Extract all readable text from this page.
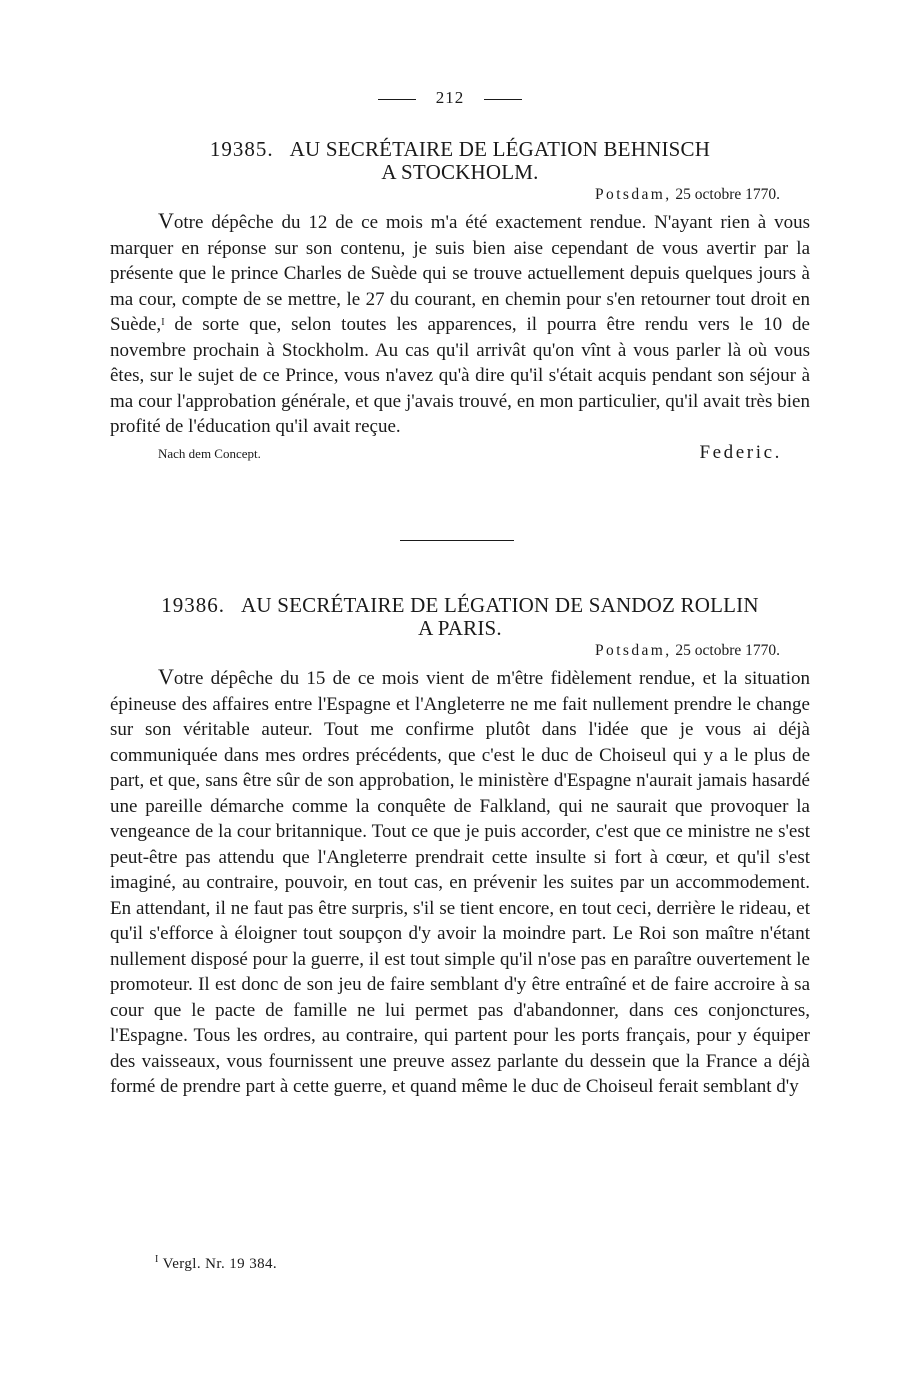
212
19385. AU SECRÉTAIRE DE LÉGATION BEHNISCH
A STOCKHOLM.
Potsdam, 25 octobre 1770.

Votre dépêche du 12 de ce mois m'a été exactement rendue. N'ayant rien à vous marquer en réponse sur son contenu, je suis bien aise cependant de vous avertir par la présente que le prince Charles de Suède qui se trouve actuellement depuis quelques jours à ma cour, compte de se mettre, le 27 du courant, en chemin pour s'en retourner tout droit en Suède,$^I$ de sorte que, selon toutes les apparences, il pourra être rendu vers le 10 de novembre prochain à Stockholm. Au cas qu'il arrivât qu'on vînt à vous parler là où vous êtes, sur le sujet de ce Prince, vous n'avez qu'à dire qu'il s'était acquis pendant son séjour à ma cour l'approbation générale, et que j'avais trouvé, en mon particulier, qu'il avait très bien profité de l'éducation qu'il avait reçue.

Nach dem Concept.	Federic.
19386. AU SECRÉTAIRE DE LÉGATION DE SANDOZ ROLLIN
A PARIS.
Potsdam, 25 octobre 1770.

Votre dépêche du 15 de ce mois vient de m'être fidèlement rendue, et la situation épineuse des affaires entre l'Espagne et l'Angleterre ne me fait nullement prendre le change sur son véritable auteur. Tout me confirme plutôt dans l'idée que je vous ai déjà communiquée dans mes ordres précédents, que c'est le duc de Choiseul qui y a le plus de part, et que, sans être sûr de son approbation, le ministère d'Espagne n'aurait jamais hasardé une pareille démarche comme la conquête de Falkland, qui ne saurait que provoquer la vengeance de la cour britannique. Tout ce que je puis accorder, c'est que ce ministre ne s'est peut-être pas attendu que l'Angleterre prendrait cette insulte si fort à cœur, et qu'il s'est imaginé, au contraire, pouvoir, en tout cas, en prévenir les suites par un accommodement. En attendant, il ne faut pas être surpris, s'il se tient encore, en tout ceci, derrière le rideau, et qu'il s'efforce à éloigner tout soupçon d'y avoir la moindre part. Le Roi son maître n'étant nullement disposé pour la guerre, il est tout simple qu'il n'ose pas en paraître ouvertement le promoteur. Il est donc de son jeu de faire semblant d'y être entraîné et de faire accroire à sa cour que le pacte de famille ne lui permet pas d'abandonner, dans ces conjonctures, l'Espagne. Tous les ordres, au contraire, qui partent pour les ports français, pour y équiper des vaisseaux, vous fournissent une preuve assez parlante du dessein que la France a déjà formé de prendre part à cette guerre, et quand même le duc de Choiseul ferait semblant d'y

$^I$ Vergl. Nr. 19 384.
